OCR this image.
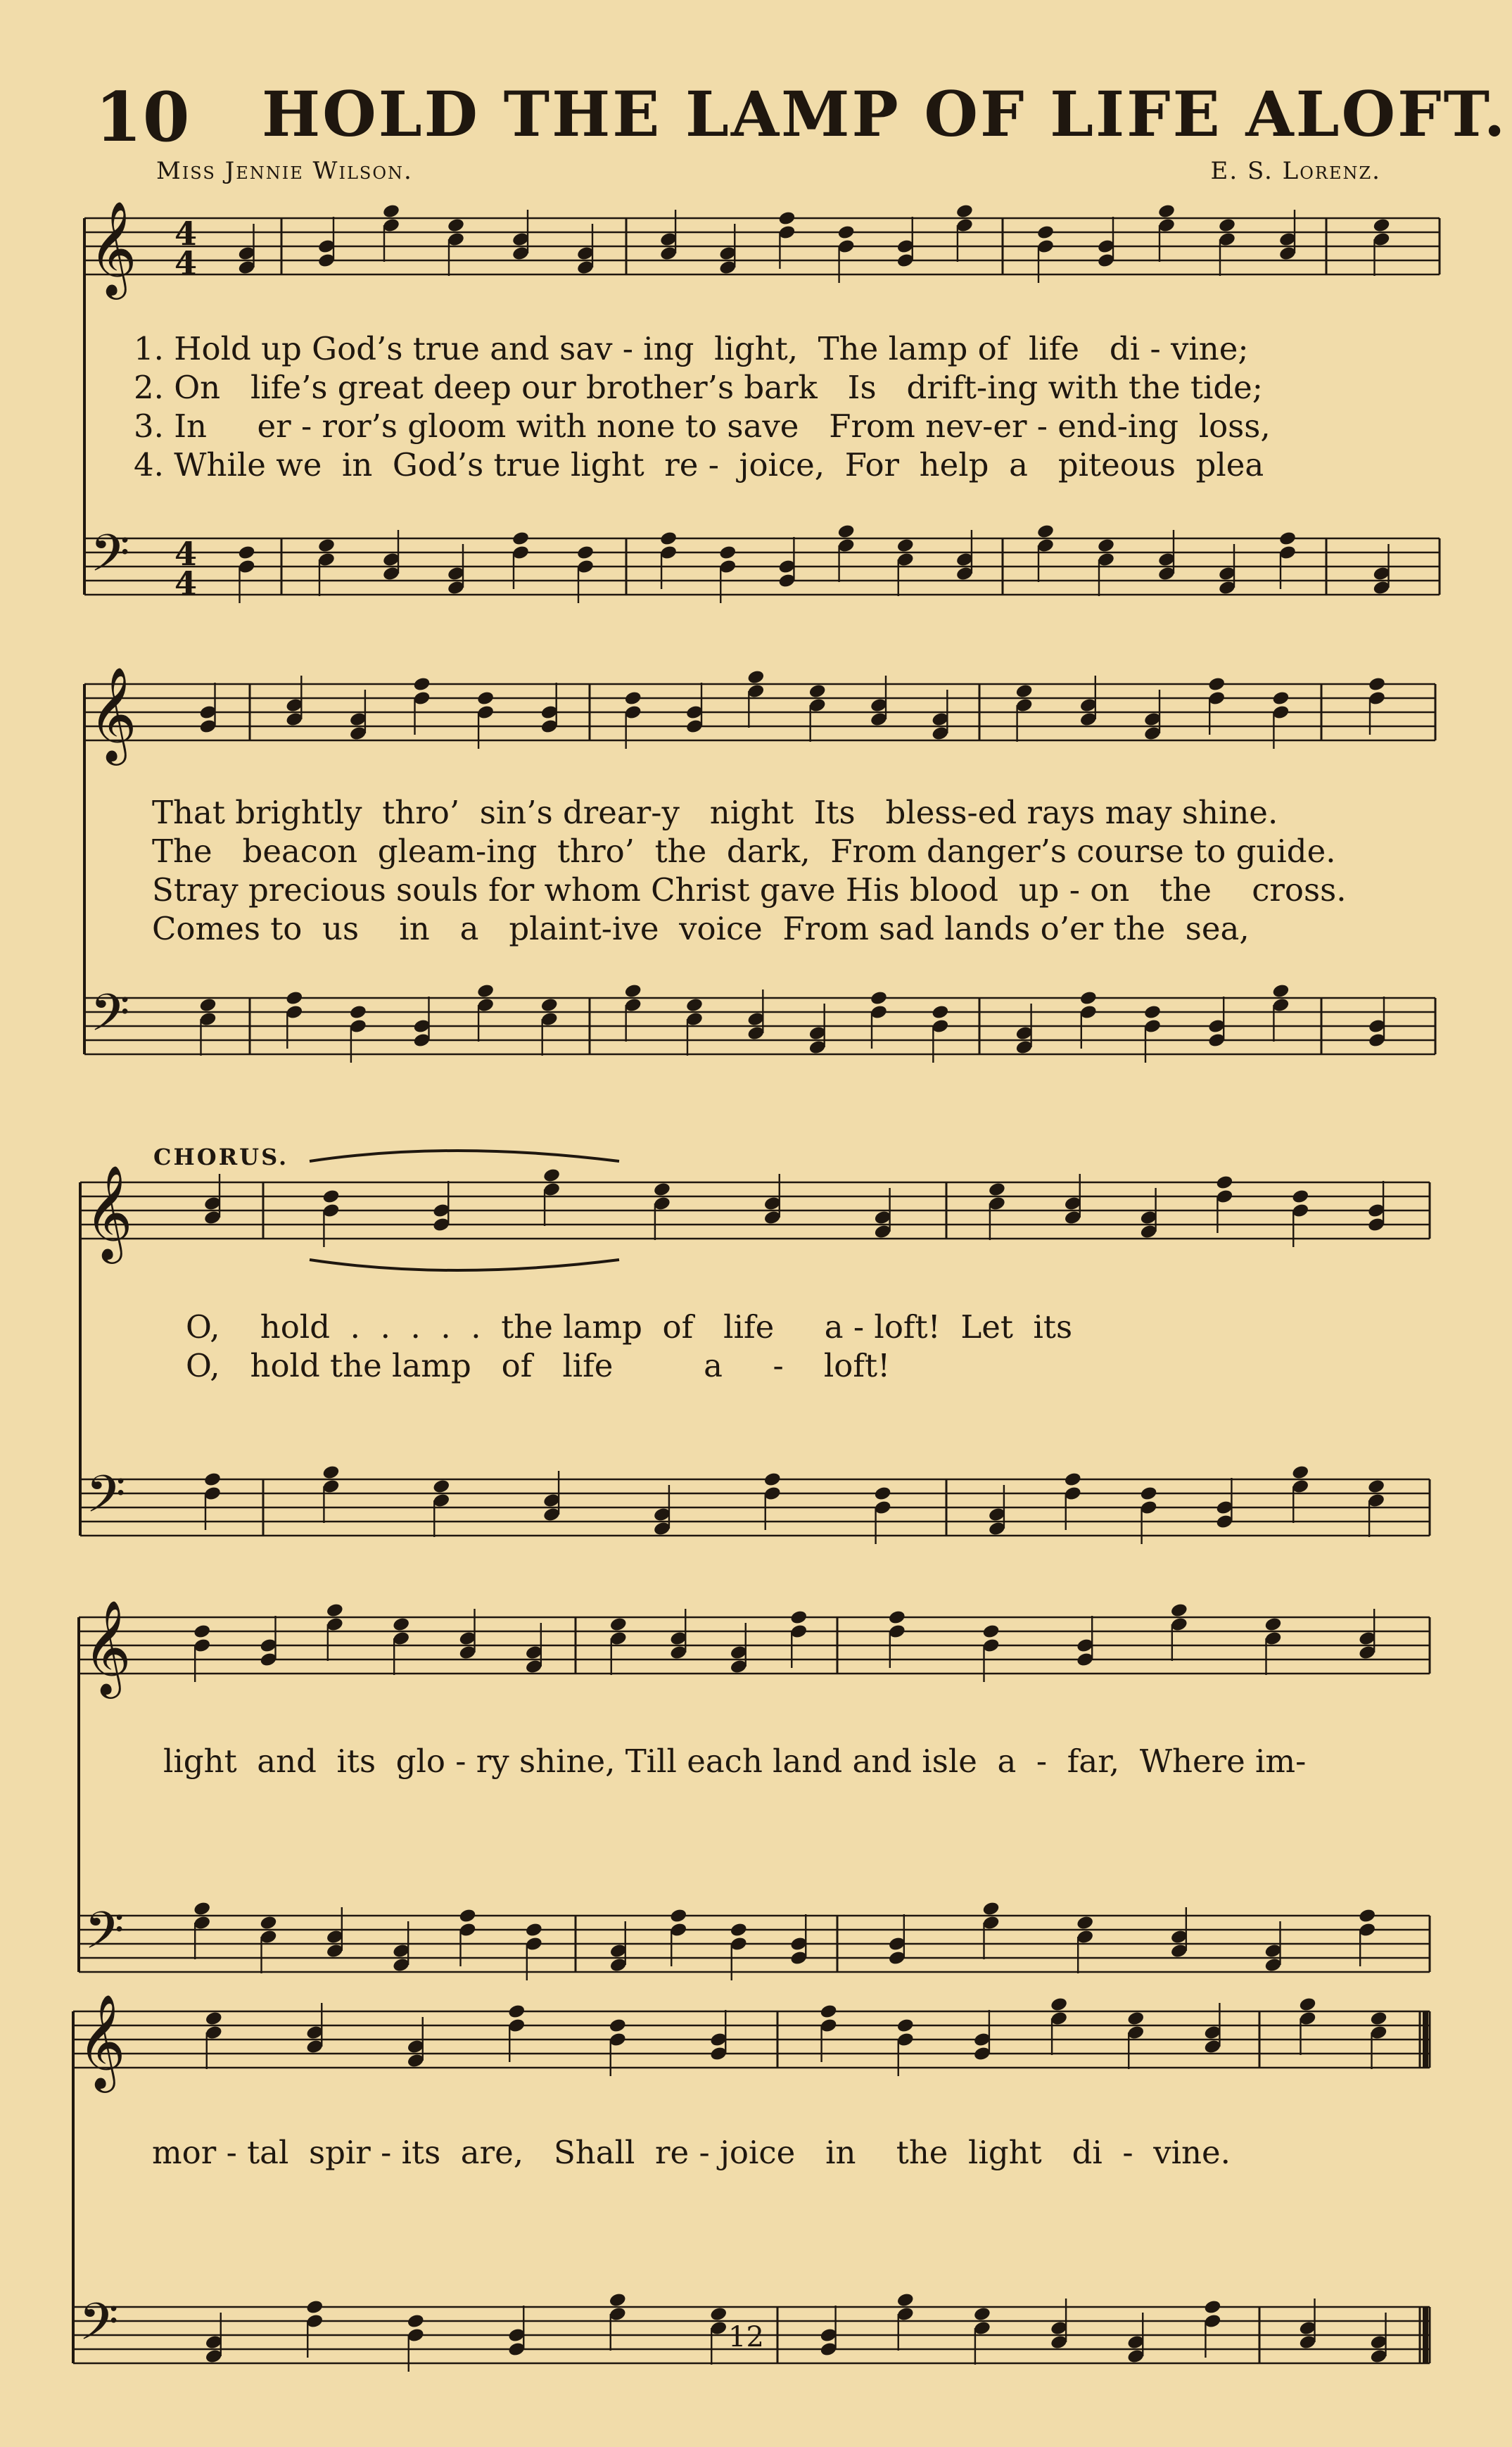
10 HOLD THE LAMP OF LIFE ALOFT.
Miss Jennie Wilson.	E. S. Lorenz.
𝄞
𝄢
4
4
4
4
𝄞
𝄢
𝄞
𝄢
𝄞
𝄢
𝄞
𝄢
1. Hold up God’s true and sav - ing  light,  The lamp of  life   di - vine;
2. On   life’s great deep our brother’s bark   Is   drift-ing with the tide;
3. In     er - ror’s gloom with none to save   From nev-er - end-ing  loss,
4. While we  in  God’s true light  re -  joice,  For  help  a   piteous  plea
That brightly  thro’  sin’s drear-y   night  Its   bless-ed rays may shine.
The   beacon  gleam-ing  thro’  the  dark,  From danger’s course to guide.
Stray precious souls for whom Christ gave His blood  up - on   the    cross.
Comes to  us    in   a   plaint-ive  voice  From sad lands o’er the  sea,
CHORUS.
O,    hold  .  .  .  .  .  the lamp  of   life     a - loft!  Let  its
O,   hold the lamp   of   life         a     -    loft!
light  and  its  glo - ry shine, Till each land and isle  a  -  far,  Where im-
mor - tal  spir - its  are,   Shall  re - joice   in    the  light   di  -  vine.
12
